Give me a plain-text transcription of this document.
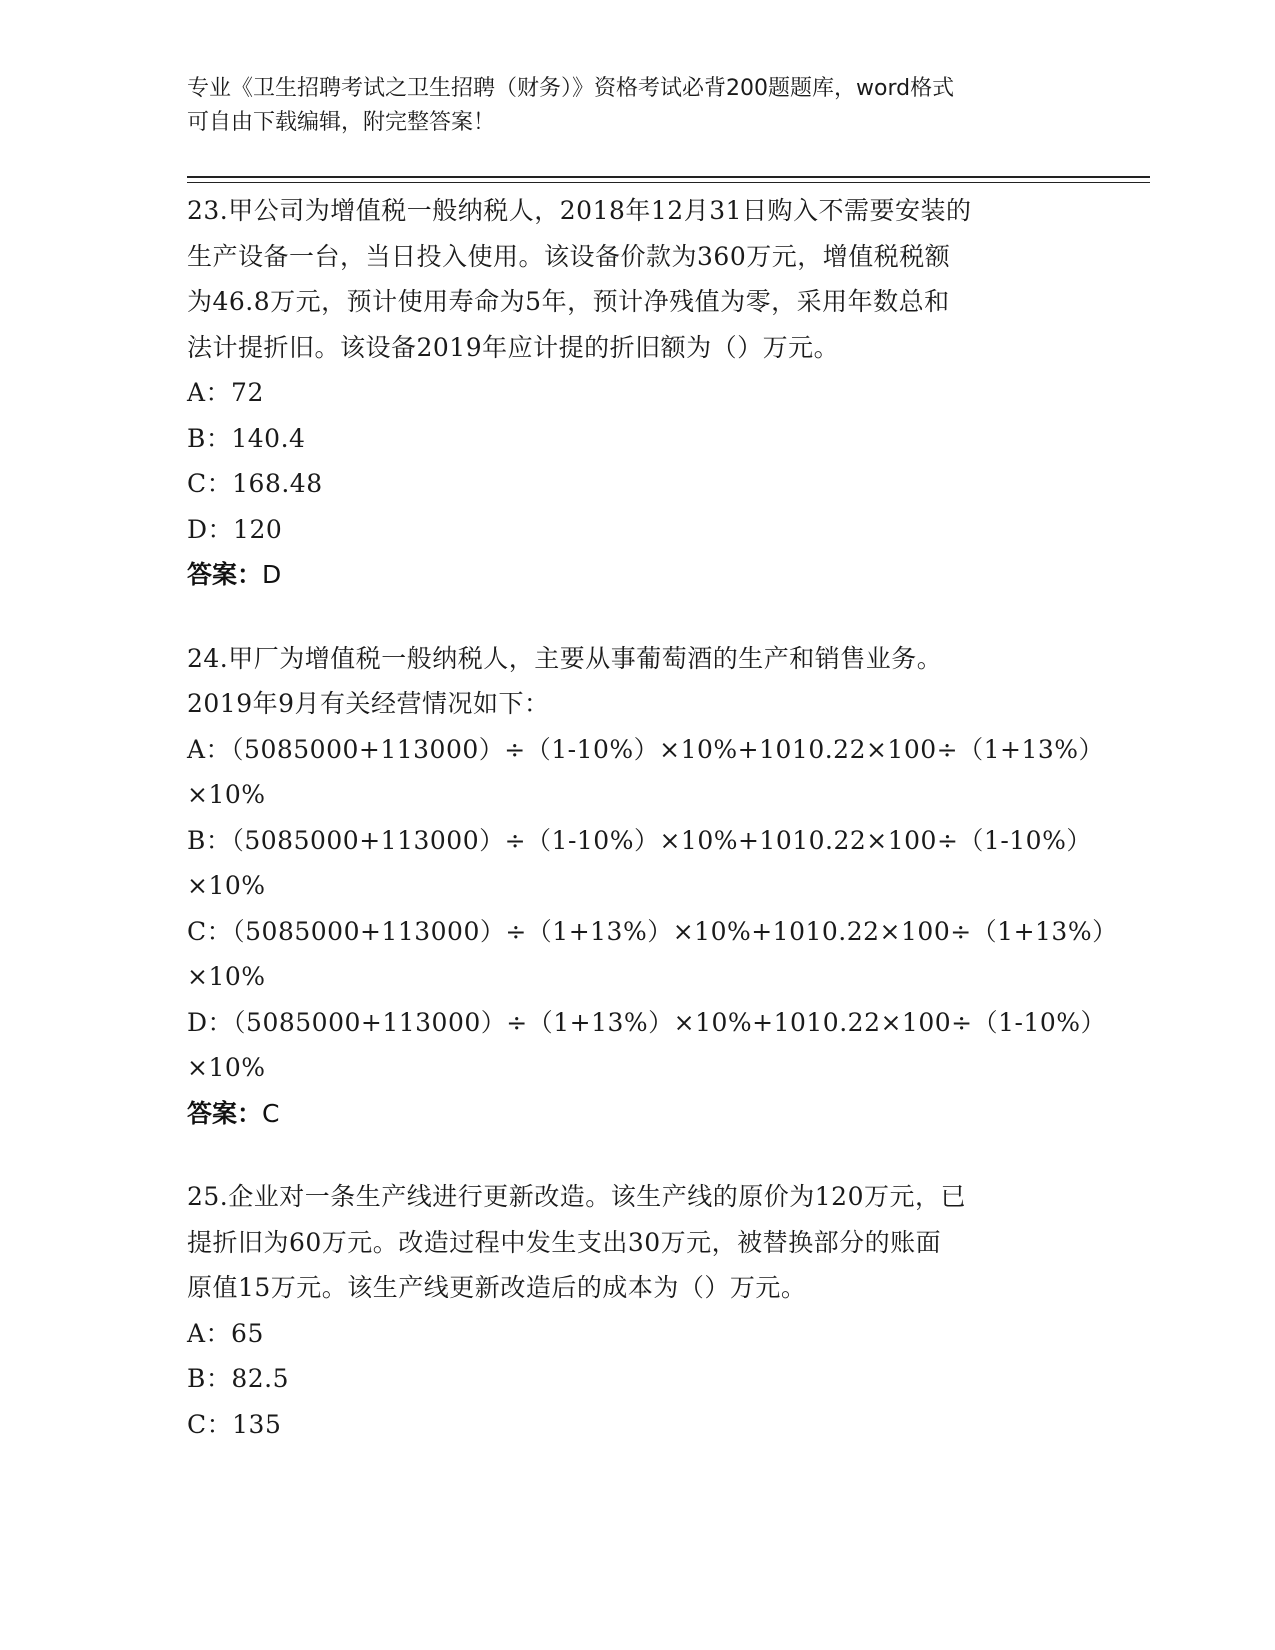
专业《卫生招聘考试之卫生招聘（财务）》资格考试必背200题题库，word格式
可自由下载编辑，附完整答案！
23.甲公司为增值税一般纳税人，2018年12月31日购入不需要安装的
生产设备一台，当日投入使用。该设备价款为360万元，增值税税额
为46.8万元，预计使用寿命为5年，预计净残值为零，采用年数总和
法计提折旧。该设备2019年应计提的折旧额为（）万元。
A：72
B：140.4
C：168.48
D：120
答案：D
24.甲厂为增值税一般纳税人，主要从事葡萄酒的生产和销售业务。
2019年9月有关经营情况如下：
A：（5085000+113000）÷（1-10%）×10%+1010.22×100÷（1+13%）
×10%
B：（5085000+113000）÷（1-10%）×10%+1010.22×100÷（1-10%）
×10%
C：（5085000+113000）÷（1+13%）×10%+1010.22×100÷（1+13%）
×10%
D：（5085000+113000）÷（1+13%）×10%+1010.22×100÷（1-10%）
×10%
答案：C
25.企业对一条生产线进行更新改造。该生产线的原价为120万元，已
提折旧为60万元。改造过程中发生支出30万元，被替换部分的账面
原值15万元。该生产线更新改造后的成本为（）万元。
A：65
B：82.5
C：135
